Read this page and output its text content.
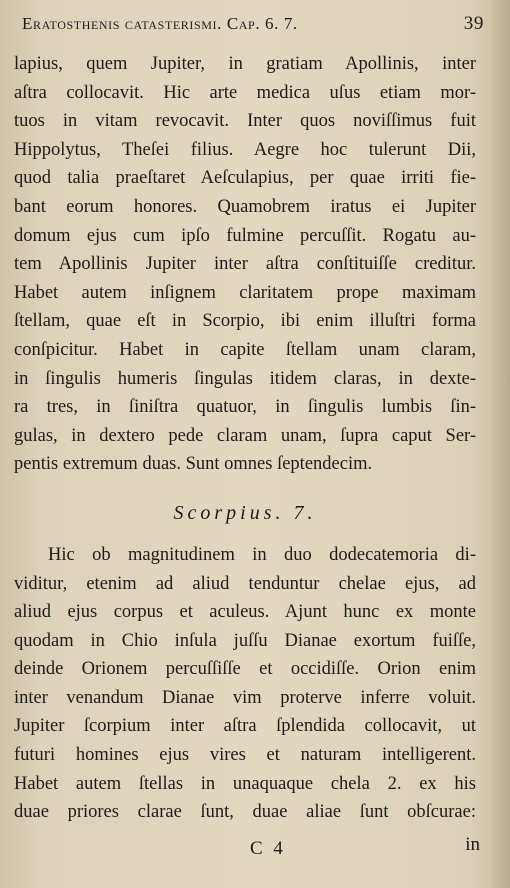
Eratosthenis catasterismi. Cap. 6. 7.	39
lapius, quem Jupiter, in gratiam Apollinis, inter
aſtra collocavit. Hic arte medica uſus etiam mor-
tuos in vitam revocavit. Inter quos noviſſimus fuit
Hippolytus, Theſei filius. Aegre hoc tulerunt Dii,
quod talia praeſtaret Aeſculapius, per quae irriti fie-
bant eorum honores. Quamobrem iratus ei Jupiter
domum ejus cum ipſo fulmine percuſſit. Rogatu au-
tem Apollinis Jupiter inter aſtra conſtituiſſe creditur.
Habet autem inſignem claritatem prope maximam
ſtellam, quae eſt in Scorpio, ibi enim illuſtri forma
conſpicitur. Habet in capite ſtellam unam claram,
in ſingulis humeris ſingulas itidem claras, in dexte-
ra tres, in ſiniſtra quatuor, in ſingulis lumbis ſin-
gulas, in dextero pede claram unam, ſupra caput Ser-
pentis extremum duas. Sunt omnes ſeptendecim.
Scorpius. 7.
Hic ob magnitudinem in duo dodecatemoria di-
viditur, etenim ad aliud tenduntur chelae ejus, ad
aliud ejus corpus et aculeus. Ajunt hunc ex monte
quodam in Chio inſula juſſu Dianae exortum fuiſſe,
deinde Orionem percuſſiſſe et occidiſſe. Orion enim
inter venandum Dianae vim proterve inferre voluit.
Jupiter ſcorpium inter aſtra ſplendida collocavit, ut
futuri homines ejus vires et naturam intelligerent.
Habet autem ſtellas in unaquaque chela 2. ex his
duae priores clarae ſunt, duae aliae ſunt obſcurae:
C 4	in
